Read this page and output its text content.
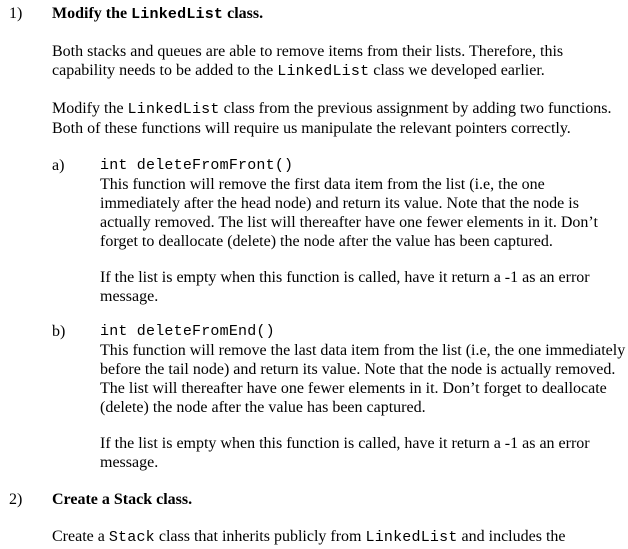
1) Modify the LinkedList class.
Both stacks and queues are able to remove items from their lists. Therefore, this
capability needs to be added to the LinkedList class we developed earlier.
Modify the LinkedList class from the previous assignment by adding two functions.
Both of these functions will require us manipulate the relevant pointers correctly.
a) int deleteFromFront()
This function will remove the first data item from the list (i.e, the one
immediately after the head node) and return its value. Note that the node is
actually removed. The list will thereafter have one fewer elements in it. Don’t
forget to deallocate (delete) the node after the value has been captured.
If the list is empty when this function is called, have it return a -1 as an error
message.
b) int deleteFromEnd()
This function will remove the last data item from the list (i.e, the one immediately
before the tail node) and return its value. Note that the node is actually removed.
The list will thereafter have one fewer elements in it. Don’t forget to deallocate
(delete) the node after the value has been captured.
If the list is empty when this function is called, have it return a -1 as an error
message.
2) Create a Stack class.
Create a Stack class that inherits publicly from LinkedList and includes the
